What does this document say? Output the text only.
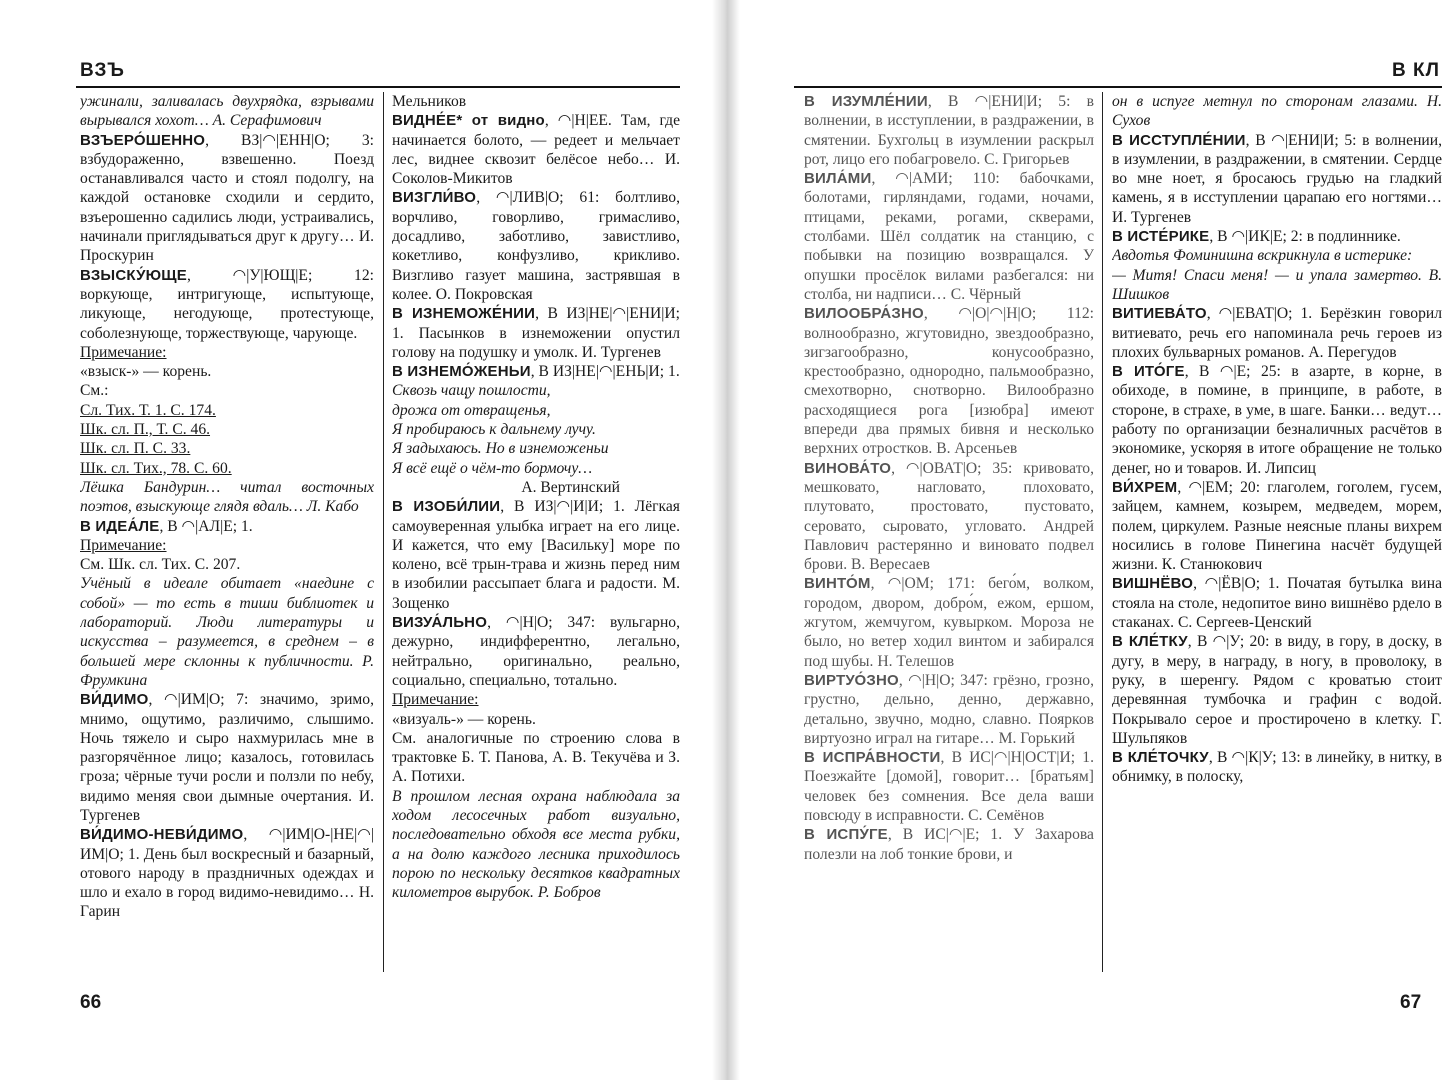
ВЗЪ

ужинали, заливалась двухрядка, взрывами вырывался хохот… А. Серафимович

ВЗЪЕРО́ШЕННО, ВЗ|◠|ЕНН|О; 3: взбудораженно, взвешенно. Поезд останавливался часто и стоял подолгу, на каждой остановке сходили и сердито, взъерошенно садились люди, устраивались, начинали приглядываться друг к другу… И. Проскурин

ВЗЫСКУ́ЮЩЕ, ◠|У|ЮЩ|Е; 12: воркующе, интригующе, испытующе, ликующе, негодующе, протестующе, соболезнующе, торжествующе, чарующе.

Примечание:

«взыск-» — корень.

См.:

Сл. Тих. Т. 1. С. 174.

Шк. сл. П., Т. С. 46.

Шк. сл. П. С. 33.

Шк. сл. Тих., 78. С. 60.

Лёшка Бандурин… читал восточных поэтов, взыскующе глядя вдаль… Л. Кабо

В ИДЕА́ЛЕ, В ◠|АЛ|Е; 1.

Примечание:

См. Шк. сл. Тих. С. 207.

Учёный в идеале обитает «наедине с собой» — то есть в тиши библиотек и лабораторий. Люди литературы и искусства – разумеется, в среднем – в большей мере склонны к публичности. Р. Фрумкина

ВИ́ДИМО, ◠|ИМ|О; 7: значимо, зримо, мнимо, ощутимо, различимо, слышимо. Ночь тяжело и сыро нахмурилась мне в разгорячённое лицо; казалось, готовилась гроза; чёрные тучи росли и ползли по небу, видимо меняя свои дымные очертания. И. Тургенев

ВИ́ДИМО-НЕВИ́ДИМО, ◠|ИМ|О-|НЕ|◠|ИМ|О; 1. День был воскресный и базарный, отового народу в праздничных одеждах и шло и ехало в город видимо-невидимо… Н. Гарин

Мельников

ВИДНЕ́Е* от видно, ◠|Н|ЕЕ. Там, где начинается болото, — редеет и мельчает лес, виднее сквозит белёсое небо… И. Соколов-Микитов

ВИЗГЛИ́ВО, ◠|ЛИВ|О; 61: болтливо, ворчливо, говорливо, гримасливо, досадливо, заботливо, завистливо, кокетливо, конфузливо, крикливо. Визгливо газует машина, застрявшая в колее. О. Покровская

В ИЗНЕМОЖЕ́НИИ, В ИЗ|НЕ|◠|ЕНИ|И; 1. Пасынков в изнеможении опустил голову на подушку и умолк. И. Тургенев

В ИЗНЕМО́ЖЕНЬИ, В ИЗ|НЕ|◠|ЕНЬ|И; 1.

Сквозь чащу пошлости,

дрожа от отвращенья,

Я пробираюсь к дальнему лучу.

Я задыхаюсь. Но в изнеможеньи

Я всё ещё о чём-то бормочу…

А. Вертинский

В ИЗОБИ́ЛИИ, В ИЗ|◠|И|И; 1. Лёгкая самоуверенная улыбка играет на его лице. И кажется, что ему [Васильку] море по колено, всё трын-трава и жизнь перед ним в изобилии рассыпает блага и радости. М. Зощенко

ВИЗУА́ЛЬНО, ◠|Н|О; 347: вульгарно, дежурно, индифферентно, легально, нейтрально, оригинально, реально, социально, специально, тотально.

Примечание:

«визуаль-» — корень.

См. аналогичные по строению слова в трактовке Б. Т. Панова, А. В. Текучёва и З. А. Потихи.

В прошлом лесная охрана наблюдала за ходом лесосечных работ визуально, последовательно обходя все места рубки, а на долю каждого лесника приходилось порою по нескольку десятков квадратных километров вырубок. Р. Бобров

66
В КЛ

В ИЗУМЛЕ́НИИ, В ◠|ЕНИ|И; 5: в волнении, в исступлении, в раздражении, в смятении. Бухгольц в изумлении раскрыл рот, лицо его побагровело. С. Григорьев

ВИЛА́МИ, ◠|АМИ; 110: бабочками, болотами, гирляндами, годами, ночами, птицами, реками, рогами, скверами, столбами. Шёл солдатик на станцию, с побывки на позицию возвращался. У опушки просёлок вилами разбегался: ни столба, ни надписи… С. Чёрный

ВИЛООБРА́ЗНО, ◠|О|◠|Н|О; 112: волнообразно, жгутовидно, звездообразно, зигзагообразно, конусообразно, крестообразно, однородно, пальмообразно, смехотворно, снотворно. Вилообразно расходящиеся рога [изюбра] имеют впереди два прямых бивня и несколько верхних отростков. В. Арсеньев

ВИНОВА́ТО, ◠|ОВАТ|О; 35: кривовато, мешковато, нагловато, плоховато, плутовато, простовато, пустовато, серовато, сыровато, угловато. Андрей Павлович растерянно и виновато подвел брови. В. Вересаев

ВИНТО́М, ◠|ОМ; 171: бего́м, волком, городом, двором, добро́м, ежом, ершом, жгутом, жемчугом, кувырком. Мороза не было, но ветер ходил винтом и забирался под шубы. Н. Телешов

ВИРТУО́ЗНО, ◠|Н|О; 347: грёзно, грозно, грустно, дельно, денно, державно, детально, звучно, модно, славно. Поярков виртуозно играл на гитаре… М. Горький

В ИСПРА́ВНОСТИ, В ИС|◠|Н|ОСТ|И; 1. Поезжайте [домой], говорит… [братьям] человек без сомнения. Все дела ваши повсюду в исправности. С. Семёнов

В ИСПУ́ГЕ, В ИС|◠|Е; 1. У Захарова полезли на лоб тонкие брови, и

он в испуге метнул по сторонам глазами. Н. Сухов

В ИССТУПЛЕ́НИИ, В ◠|ЕНИ|И; 5: в волнении, в изумлении, в раздражении, в смятении. Сердце во мне ноет, я бросаюсь грудью на гладкий камень, я в исступлении царапаю его ногтями… И. Тургенев

В ИСТЕ́РИКЕ, В ◠|ИК|Е; 2: в подлиннике.

Авдотья Фоминишна вскрикнула в истерике:

— Митя! Спаси меня! — и упала замертво. В. Шишков

ВИТИЕВА́ТО, ◠|ЕВАТ|О; 1. Берёзкин говорил витиевато, речь его напоминала речь героев из плохих бульварных романов. А. Перегудов

В ИТО́ГЕ, В ◠|Е; 25: в азарте, в корне, в обиходе, в помине, в принципе, в работе, в стороне, в страхе, в уме, в шаге. Банки… ведут… работу по организации безналичных расчётов в экономике, ускоряя в итоге обращение не только денег, но и товаров. И. Липсиц

ВИ́ХРЕМ, ◠|ЕМ; 20: глаголем, гоголем, гусем, зайцем, камнем, козырем, медведем, морем, полем, циркулем. Разные неясные планы вихрем носились в голове Пинегина насчёт будущей жизни. К. Станюкович

ВИШНЁВО, ◠|ЁВ|О; 1. Початая бутылка вина стояла на столе, недопитое вино вишнёво рдело в стаканах. С. Сергеев-Ценский

В КЛЕ́ТКУ, В ◠|У; 20: в виду, в гору, в доску, в дугу, в меру, в награду, в ногу, в проволоку, в руку, в шеренгу. Рядом с кроватью стоит деревянная тумбочка и графин с водой. Покрывало серое и простирочено в клетку. Г. Шульпяков

В КЛЕ́ТОЧКУ, В ◠|К|У; 13: в линейку, в нитку, в обнимку, в полоску,

67
